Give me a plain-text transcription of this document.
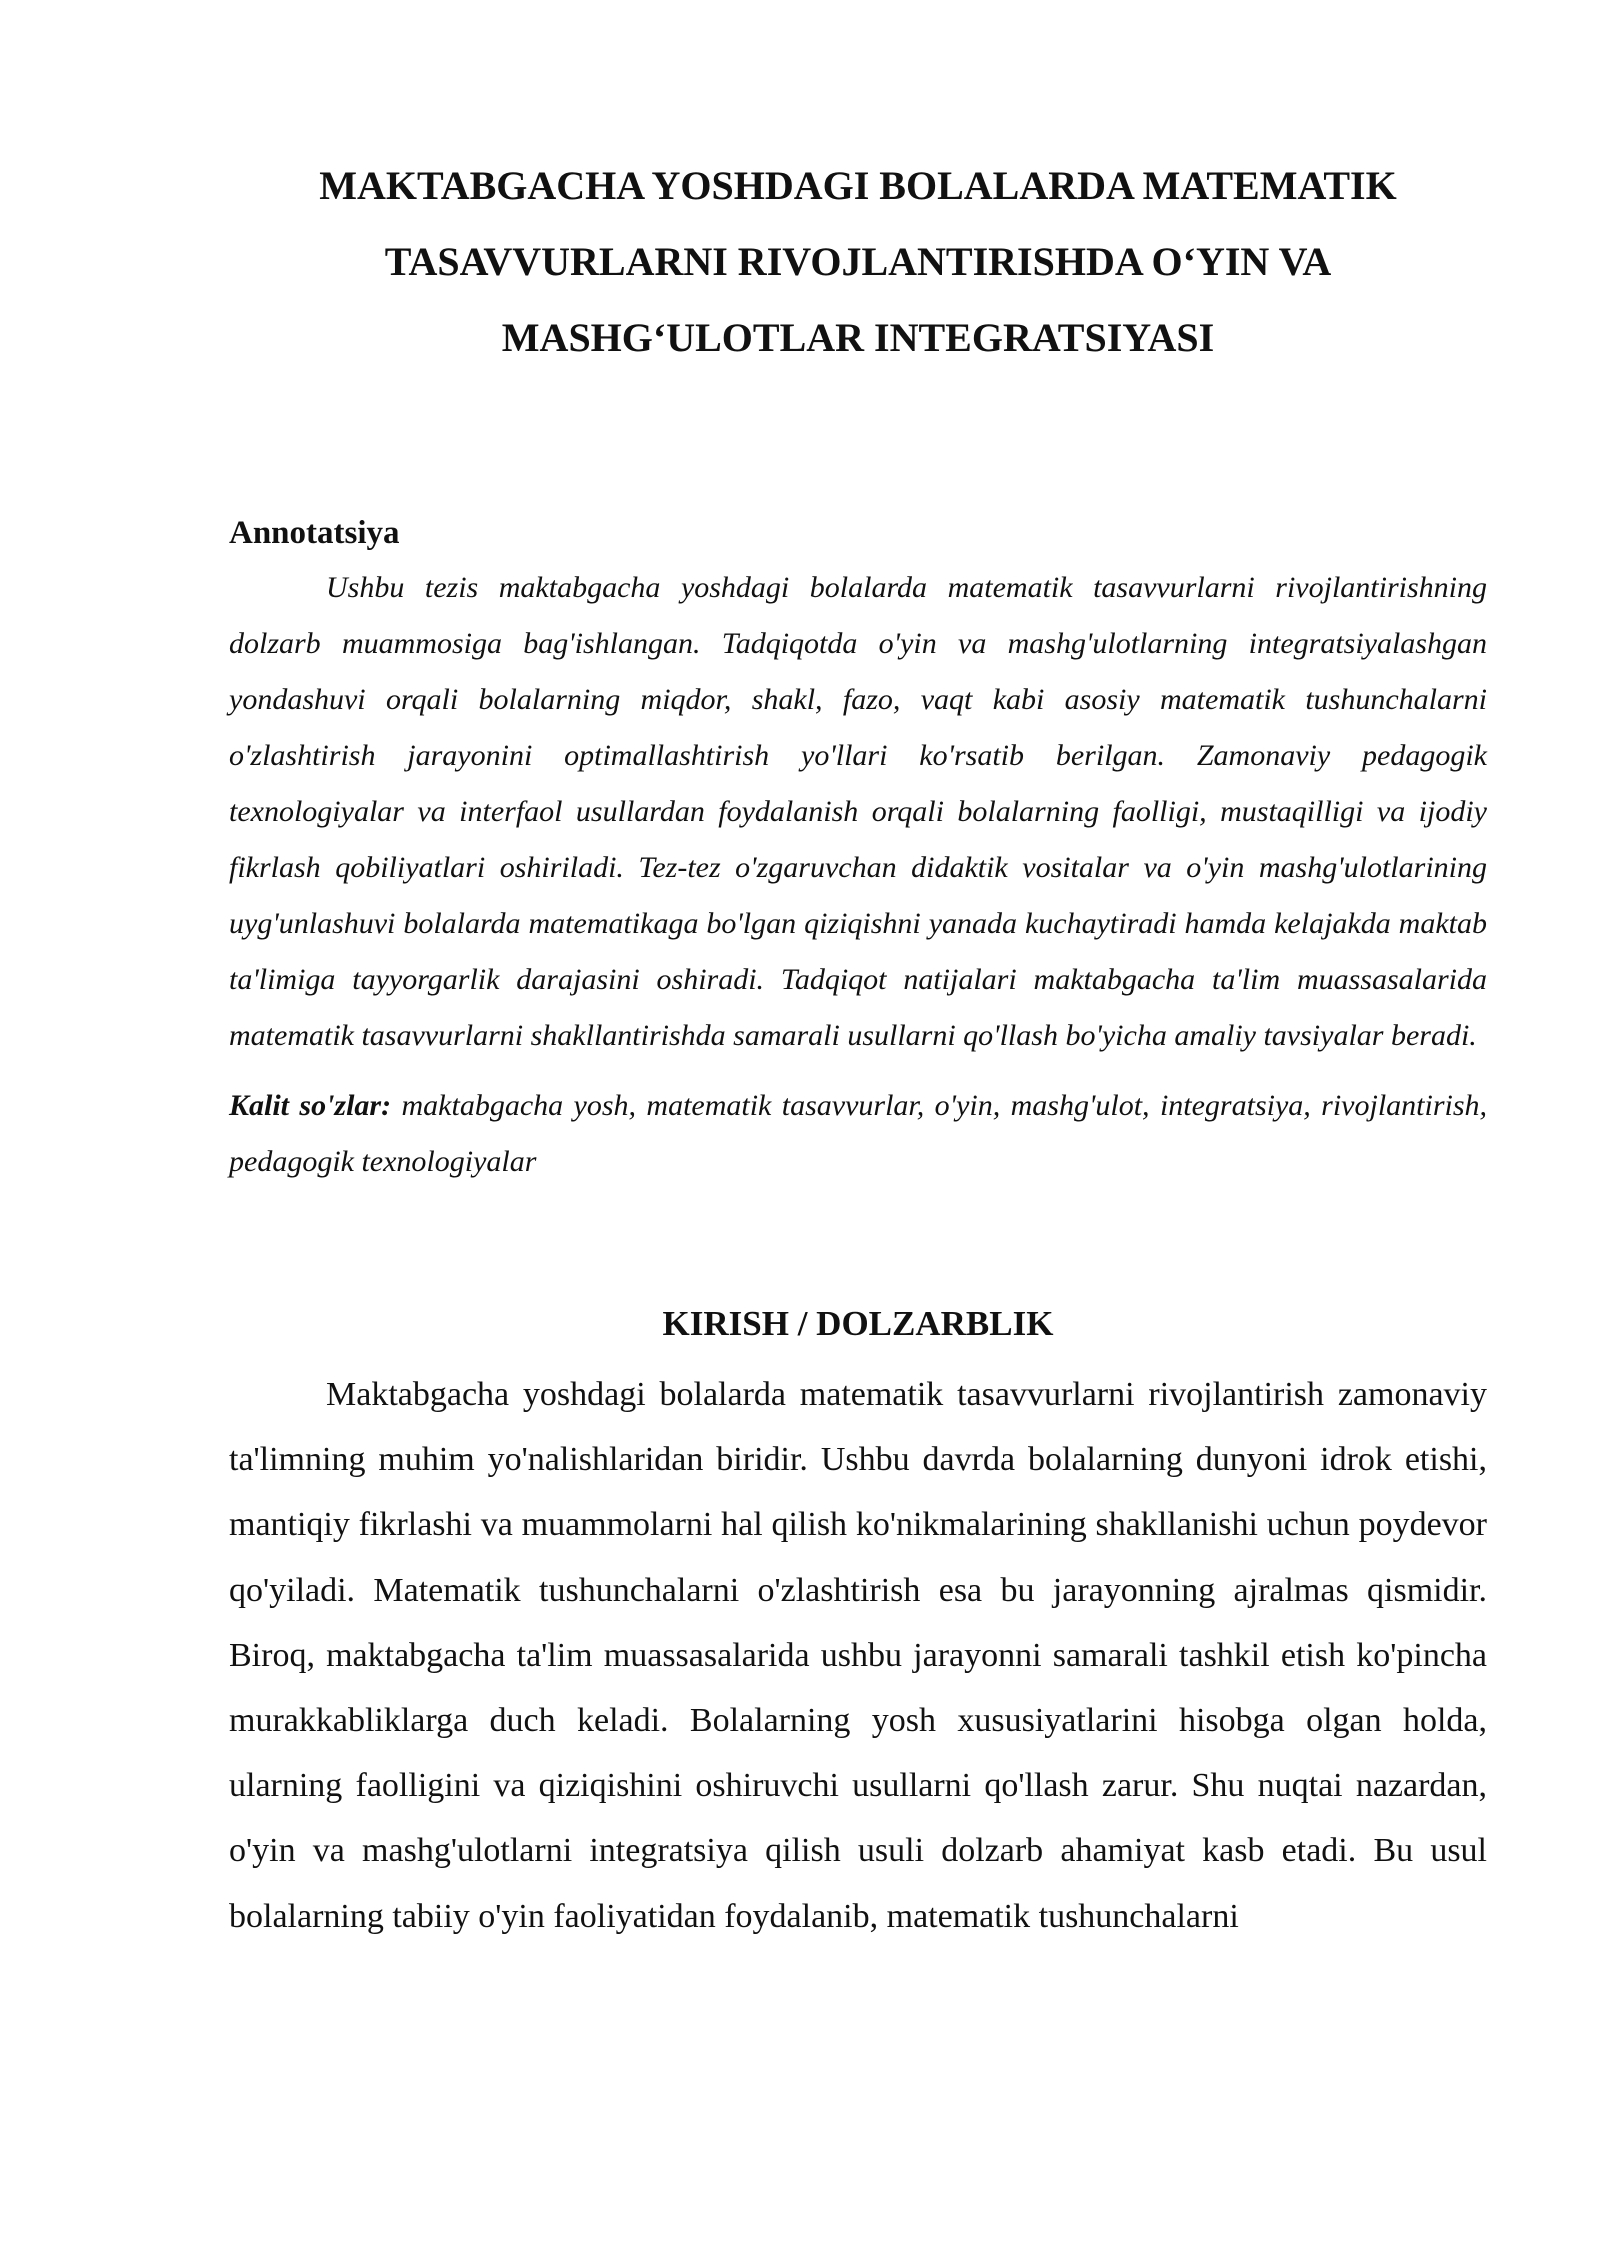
MAKTABGACHA YOSHDAGI BOLALARDA MATEMATIK
TASAVVURLARNI RIVOJLANTIRISHDA O‘YIN VA
MASHG‘ULOTLAR INTEGRATSIYASI
Annotatsiya

Ushbu tezis maktabgacha yoshdagi bolalarda matematik tasavvurlarni rivojlantirishning dolzarb muammosiga bag'ishlangan. Tadqiqotda o'yin va mashg'ulotlarning integratsiyalashgan yondashuvi orqali bolalarning miqdor, shakl, fazo, vaqt kabi asosiy matematik tushunchalarni o'zlashtirish jarayonini optimallashtirish yo'llari ko'rsatib berilgan. Zamonaviy pedagogik texnologiyalar va interfaol usullardan foydalanish orqali bolalarning faolligi, mustaqilligi va ijodiy fikrlash qobiliyatlari oshiriladi. Tez-tez o'zgaruvchan didaktik vositalar va o'yin mashg'ulotlarining uyg'unlashuvi bolalarda matematikaga bo'lgan qiziqishni yanada kuchaytiradi hamda kelajakda maktab ta'limiga tayyorgarlik darajasini oshiradi. Tadqiqot natijalari maktabgacha ta'lim muassasalarida matematik tasavvurlarni shakllantirishda samarali usullarni qo'llash bo'yicha amaliy tavsiyalar beradi.

Kalit so'zlar: maktabgacha yosh, matematik tasavvurlar, o'yin, mashg'ulot, integratsiya, rivojlantirish, pedagogik texnologiyalar

KIRISH / DOLZARBLIK

Maktabgacha yoshdagi bolalarda matematik tasavvurlarni rivojlantirish zamonaviy ta'limning muhim yo'nalishlaridan biridir. Ushbu davrda bolalarning dunyoni idrok etishi, mantiqiy fikrlashi va muammolarni hal qilish ko'nikmalarining shakllanishi uchun poydevor qo'yiladi. Matematik tushunchalarni o'zlashtirish esa bu jarayonning ajralmas qismidir. Biroq, maktabgacha ta'lim muassasalarida ushbu jarayonni samarali tashkil etish ko'pincha murakkabliklarga duch keladi. Bolalarning yosh xususiyatlarini hisobga olgan holda, ularning faolligini va qiziqishini oshiruvchi usullarni qo'llash zarur. Shu nuqtai nazardan, o'yin va mashg'ulotlarni integratsiya qilish usuli dolzarb ahamiyat kasb etadi. Bu usul bolalarning tabiiy o'yin faoliyatidan foydalanib, matematik tushunchalarni
